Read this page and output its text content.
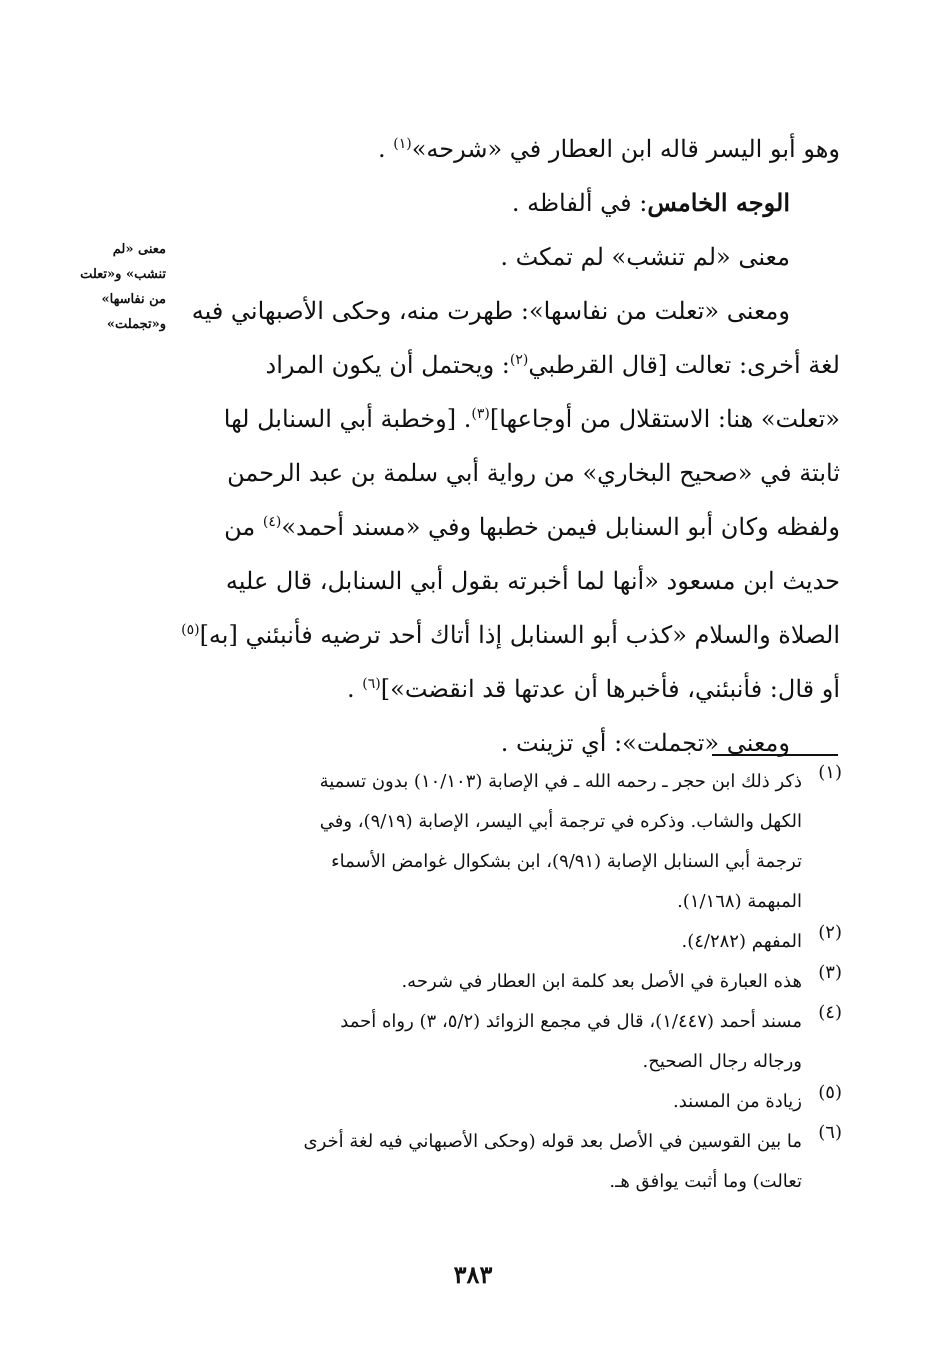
وهو أبو اليسر قاله ابن العطار في «شرحه»$^{(١)}$ .
الوجه الخامس: في ألفاظه .
معنى «لم تنشب» لم تمكث .
ومعنى «تعلت من نفاسها»: طهرت منه، وحكى الأصبهاني فيه
لغة أخرى: تعالت [قال القرطبي$^{(٢)}$: ويحتمل أن يكون المراد
«تعلت» هنا: الاستقلال من أوجاعها]$^{(٣)}$. [وخطبة أبي السنابل لها
ثابتة في «صحيح البخاري» من رواية أبي سلمة بن عبد الرحمن
ولفظه وكان أبو السنابل فيمن خطبها وفي «مسند أحمد»$^{(٤)}$ من
حديث ابن مسعود «أنها لما أخبرته بقول أبي السنابل، قال عليه
الصلاة والسلام «كذب أبو السنابل إذا أتاك أحد ترضيه فأنبئني [به]$^{(٥)}$
أو قال: فأنبئني، فأخبرها أن عدتها قد انقضت»]$^{(٦)}$ .
ومعنى «تجملت»: أي تزينت .
معنى «لم
تنشب» و«تعلت
من نفاسها»
و«تجملت»
(١)
ذكر ذلك ابن حجر ـ رحمه الله ـ في الإصابة (١٠/١٠٣) بدون تسمية
الكهل والشاب. وذكره في ترجمة أبي اليسر، الإصابة (٩/١٩)، وفي
ترجمة أبي السنابل الإصابة (٩/٩١)، ابن بشكوال غوامض الأسماء
المبهمة (١/١٦٨).
(٢)
المفهم (٤/٢٨٢).
(٣)
هذه العبارة في الأصل بعد كلمة ابن العطار في شرحه.
(٤)
مسند أحمد (١/٤٤٧)، قال في مجمع الزوائد (٥/٢، ٣) رواه أحمد
ورجاله رجال الصحيح.
(٥)
زيادة من المسند.
(٦)
ما بين القوسين في الأصل بعد قوله (وحكى الأصبهاني فيه لغة أخرى
تعالت) وما أثبت يوافق هـ.
٣٨٣
